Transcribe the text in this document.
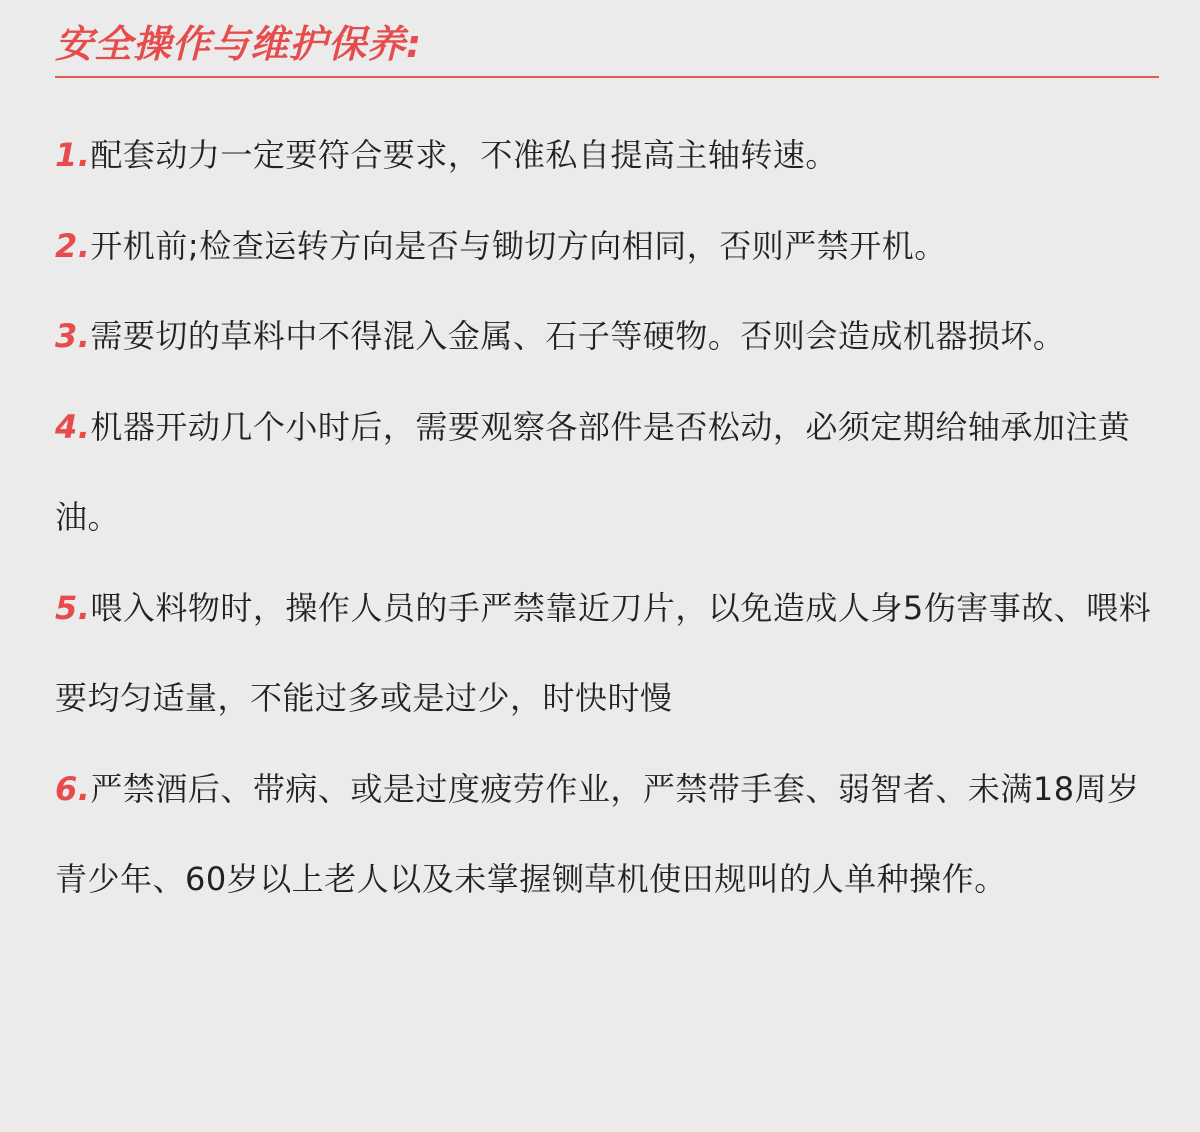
安全操作与维护保养:
1.配套动力一定要符合要求，不准私自提高主轴转速。
2.开机前;检查运转方向是否与锄切方向相同，否则严禁开机。
3.需要切的草料中不得混入金属、石子等硬物。否则会造成机器损坏。
4.机器开动几个小时后，需要观察各部件是否松动，必须定期给轴承加注黄油。
5.喂入料物时，操作人员的手严禁靠近刀片，以免造成人身5伤害事故、喂料要均匀适量，不能过多或是过少，时快时慢
6.严禁酒后、带病、或是过度疲劳作业，严禁带手套、弱智者、未满18周岁青少年、60岁以上老人以及未掌握铡草机使田规叫的人单种操作。
